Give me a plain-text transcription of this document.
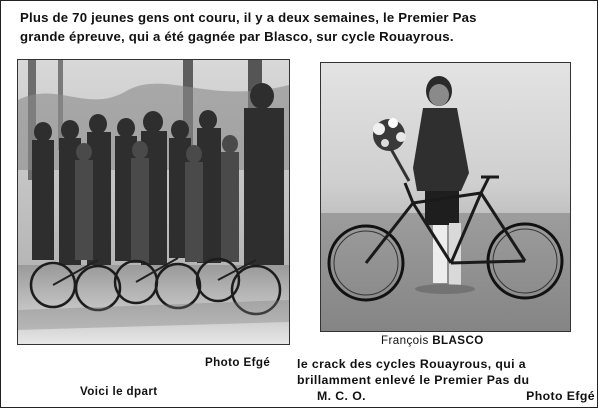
Plus de 70 jeunes gens ont couru, il y a deux semaines, le Premier Pas
grande épreuve, qui a été gagnée par Blasco, sur cycle Rouayrous.
François BLASCO
Photo Efgé
Voici le dpart
le crack des cycles Rouayrous, qui a
brillamment enlevé le Premier Pas du
M. C. O.	Photo Efgé
